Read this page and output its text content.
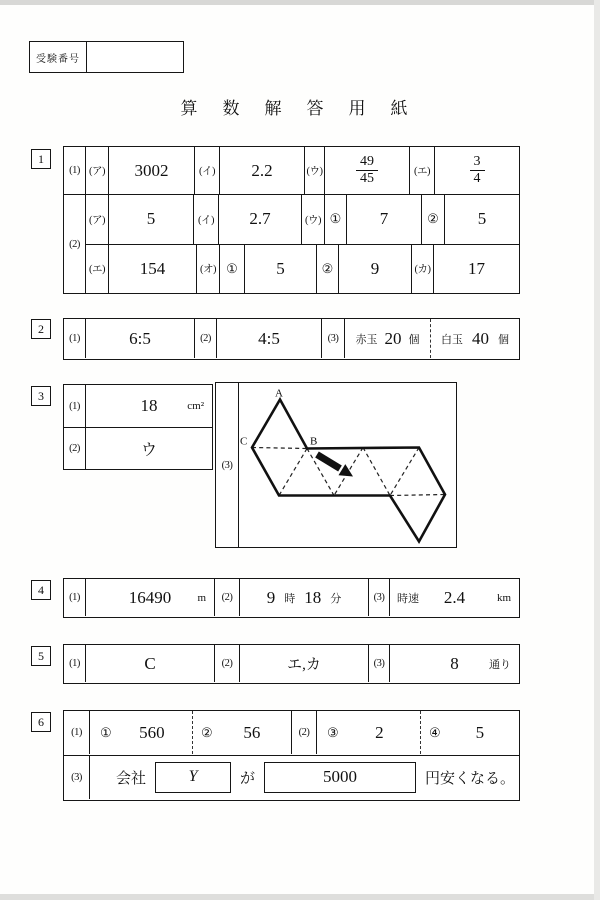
受験番号
算　数　解　答　用　紙
1
(1) (ア)	3002	(イ)	2.2	(ウ) $\frac{49}{45}$	(エ)	$\frac{3}{4}$
(2)
(ア)	5	(イ)	2.7	(ウ) ①	7	②	5
(エ)	154	(オ) ①	5	②	9	(カ)	17
2
(1)	6:5	(2)	4:5	(3)	赤玉 20 個 白玉 40 個
3
(1)	18	cm²
(2)	ウ
(3)
A
B
C
4
(1)	16490 m	(2)	9 時 18 分	(3)	時速 2.4	km
5
(1)	C	(2)	エ,カ	(3)	8	通り
6
(1)	①	560	②	56	(2)	③	2	④	5
(3)	会社	Y	が	5000	円安くなる。
